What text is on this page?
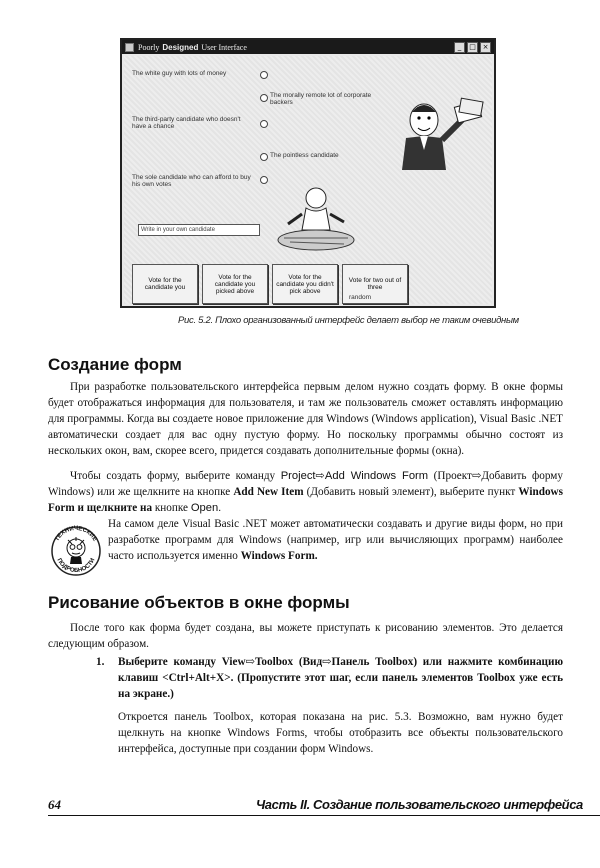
Poorly Designed User Interface	_	□ ×
The white guy with lots of money
The morally remote lot of corporate backers
The third-party candidate who doesn't have a chance
The pointless candidate
The sole candidate who can afford to buy his own votes
Write in your own candidate
Vote for the candidate you
Vote for the candidate you picked above
Vote for the candidate you didn't pick above
Vote for two out of three
random
Рис. 5.2. Плохо организованный интерфейс делает выбор не таким очевидным
Создание форм

При разработке пользовательского интерфейса первым делом нужно создать форму. В окне формы будет отображаться информация для пользователя, и там же пользователь сможет оставлять информацию для программы. Когда вы создаете новое приложение для Windows (Windows application), Visual Basic .NET автоматически создает для вас одну пустую форму. Но поскольку программы обычно состоят из нескольких окон, вам, скорее всего, придется создавать дополнительные формы (окна).

Чтобы создать форму, выберите команду Project⇨Add Windows Form (Проект⇨Добавить форму Windows) или же щелкните на кнопке Add New Item (Добавить новый элемент), выберите пункт Windows Form и щелкните на кнопке Open.

ТЕХНИЧЕСКИЕ
ПОДРОБНОСТИ

На самом деле Visual Basic .NET может автоматически создавать и другие виды форм, но при разработке программ для Windows (например, игр или вычисляющих программ) наиболее часто используется именно Windows Form.

Рисование объектов в окне формы

После того как форма будет создана, вы можете приступать к рисованию элементов. Это делается следующим образом.

1. Выберите команду View⇨Toolbox (Вид⇨Панель Toolbox) или нажмите комбинацию клавиш <Ctrl+Alt+X>. (Пропустите этот шаг, если панель элементов Toolbox уже есть на экране.)

Откроется панель Toolbox, которая показана на рис. 5.3. Возможно, вам нужно будет щелкнуть на кнопке Windows Forms, чтобы отобразить все объекты пользовательского интерфейса, доступные при создании форм Windows.

64	Часть II. Создание пользовательского интерфейса
